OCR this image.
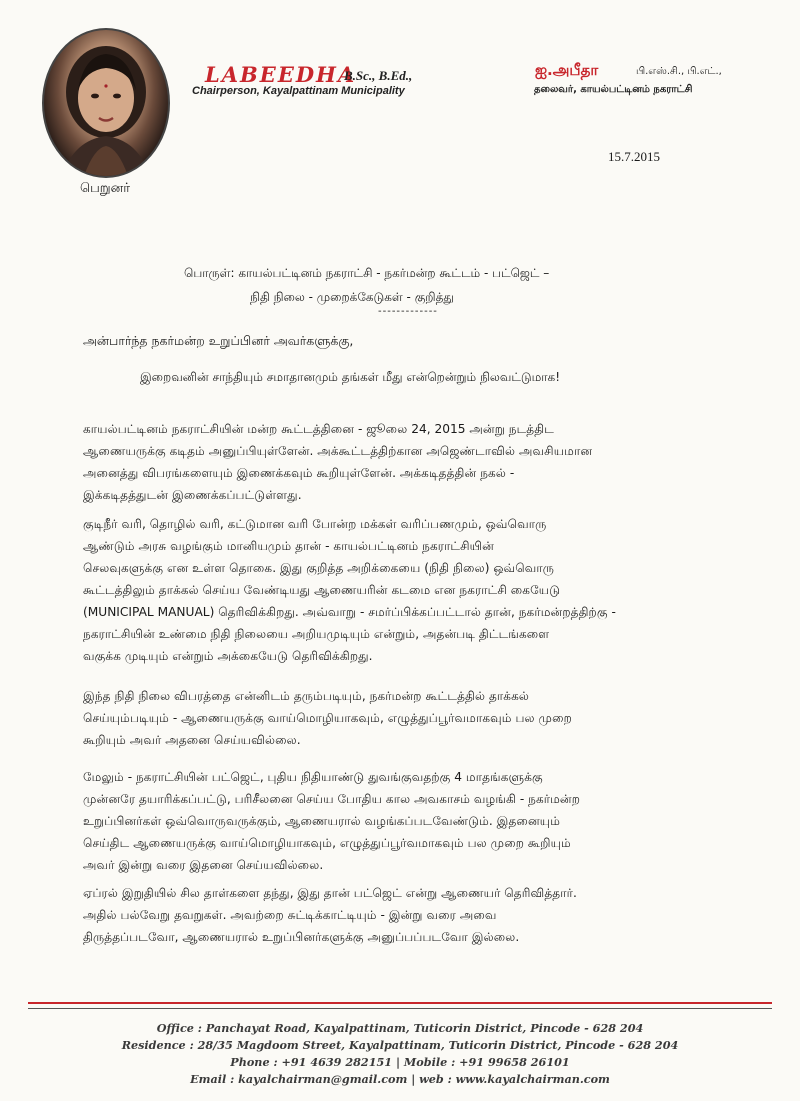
பெறுனர்
LABEEDHA
B.Sc., B.Ed.,
Chairperson, Kayalpattinam Municipality
ஐ.அபீதா	பி.எஸ்.சி., பி.எட்.,
தலைவர், காயல்பட்டினம் நகராட்சி
15.7.2015
பொருள்: காயல்பட்டினம் நகராட்சி - நகர்மன்ற கூட்டம் - பட்ஜெட் –
நிதி நிலை - முறைக்கேடுகள் - குறித்து
-------------
அன்பார்ந்த நகர்மன்ற உறுப்பினர் அவர்களுக்கு,
இறைவனின் சாந்தியும் சமாதானமும் தங்கள் மீது என்றென்றும் நிலவட்டுமாக!
காயல்பட்டினம் நகராட்சியின் மன்ற கூட்டத்தினை - ஜூலை 24, 2015 அன்று நடத்திட
ஆணையருக்கு கடிதம் அனுப்பியுள்ளேன். அக்கூட்டத்திற்கான அஜெண்டாவில் அவசியமான
அனைத்து விபரங்களையும் இணைக்கவும் கூறியுள்ளேன். அக்கடிதத்தின் நகல் -
இக்கடிதத்துடன் இணைக்கப்பட்டுள்ளது.
குடிநீர் வரி, தொழில் வரி, கட்டுமான வரி போன்ற மக்கள் வரிப்பணமும், ஒவ்வொரு
ஆண்டும் அரசு வழங்கும் மானியமும் தான் - காயல்பட்டினம் நகராட்சியின்
செலவுகளுக்கு என உள்ள தொகை. இது குறித்த அறிக்கையை (நிதி நிலை) ஒவ்வொரு
கூட்டத்திலும் தாக்கல் செய்ய வேண்டியது ஆணையரின் கடமை என நகராட்சி கையேடு
(MUNICIPAL MANUAL) தெரிவிக்கிறது. அவ்வாறு - சமர்ப்பிக்கப்பட்டால் தான், நகர்மன்றத்திற்கு -
நகராட்சியின் உண்மை நிதி நிலையை அறியமுடியும் என்றும், அதன்படி திட்டங்களை
வகுக்க முடியும் என்றும் அக்கையேடு தெரிவிக்கிறது.
இந்த நிதி நிலை விபரத்தை என்னிடம் தரும்படியும், நகர்மன்ற கூட்டத்தில் தாக்கல்
செய்யும்படியும் - ஆணையருக்கு வாய்மொழியாகவும், எழுத்துப்பூர்வமாகவும் பல முறை
கூறியும் அவர் அதனை செய்யவில்லை.
மேலும் - நகராட்சியின் பட்ஜெட், புதிய நிதியாண்டு துவங்குவதற்கு 4 மாதங்களுக்கு
முன்னரே தயாரிக்கப்பட்டு, பரிசீலனை செய்ய போதிய கால அவகாசம் வழங்கி - நகர்மன்ற
உறுப்பினர்கள் ஒவ்வொருவருக்கும், ஆணையரால் வழங்கப்படவேண்டும். இதனையும்
செய்திட ஆணையருக்கு வாய்மொழியாகவும், எழுத்துப்பூர்வமாகவும் பல முறை கூறியும்
அவர் இன்று வரை இதனை செய்யவில்லை.
ஏப்ரல் இறுதியில் சில தாள்களை தந்து, இது தான் பட்ஜெட் என்று ஆணையர் தெரிவித்தார்.
அதில் பல்வேறு தவறுகள். அவற்றை சுட்டிக்காட்டியும் - இன்று வரை அவை
திருத்தப்படவோ, ஆணையரால் உறுப்பினர்களுக்கு அனுப்பப்படவோ இல்லை.
Office : Panchayat Road, Kayalpattinam, Tuticorin District, Pincode - 628 204
Residence : 28/35 Magdoom Street, Kayalpattinam, Tuticorin District, Pincode - 628 204
Phone : +91 4639 282151 | Mobile : +91 99658 26101
Email : kayalchairman@gmail.com | web : www.kayalchairman.com
